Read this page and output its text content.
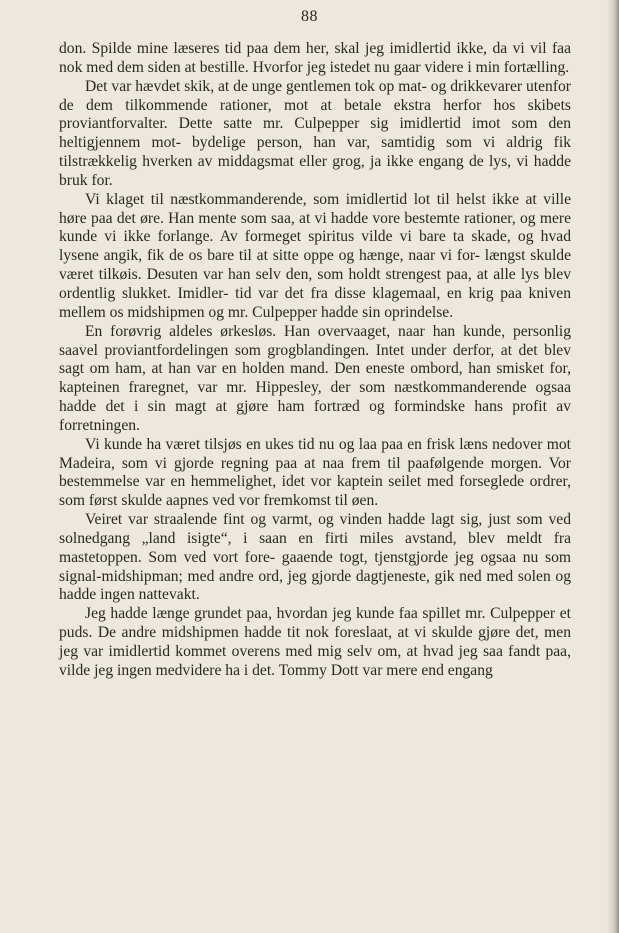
88

don. Spilde mine læseres tid paa dem her, skal jeg imidlertid ikke, da vi vil faa nok med dem siden at bestille. Hvorfor jeg istedet nu gaar videre i min fortælling.

Det var hævdet skik, at de unge gentlemen tok op mat- og drikkevarer utenfor de dem tilkommende rationer, mot at betale ekstra herfor hos skibets proviantforvalter. Dette satte mr. Culpepper sig imidlertid imot som den heltigjennem mot- bydelige person, han var, samtidig som vi aldrig fik tilstrækkelig hverken av middagsmat eller grog, ja ikke engang de lys, vi hadde bruk for.

Vi klaget til næstkommanderende, som imidlertid lot til helst ikke at ville høre paa det øre. Han mente som saa, at vi hadde vore bestemte rationer, og mere kunde vi ikke forlange. Av formeget spiritus vilde vi bare ta skade, og hvad lysene angik, fik de os bare til at sitte oppe og hænge, naar vi for- længst skulde været tilkøis. Desuten var han selv den, som holdt strengest paa, at alle lys blev ordentlig slukket. Imidler- tid var det fra disse klagemaal, en krig paa kniven mellem os midshipmen og mr. Culpepper hadde sin oprindelse.

En forøvrig aldeles ørkesløs. Han overvaaget, naar han kunde, personlig saavel proviantfordelingen som grogblandingen. Intet under derfor, at det blev sagt om ham, at han var en holden mand. Den eneste ombord, han smisket for, kapteinen fraregnet, var mr. Hippesley, der som næstkommanderende ogsaa hadde det i sin magt at gjøre ham fortræd og formindske hans profit av forretningen.

Vi kunde ha været tilsjøs en ukes tid nu og laa paa en frisk læns nedover mot Madeira, som vi gjorde regning paa at naa frem til paafølgende morgen. Vor bestemmelse var en hemmelighet, idet vor kaptein seilet med forseglede ordrer, som først skulde aapnes ved vor fremkomst til øen.

Veiret var straalende fint og varmt, og vinden hadde lagt sig, just som ved solnedgang „land isigte“, i saan en firti miles avstand, blev meldt fra mastetoppen. Som ved vort fore- gaaende togt, tjenstgjorde jeg ogsaa nu som signal-midshipman; med andre ord, jeg gjorde dagtjeneste, gik ned med solen og hadde ingen nattevakt.

Jeg hadde længe grundet paa, hvordan jeg kunde faa spillet mr. Culpepper et puds. De andre midshipmen hadde tit nok foreslaat, at vi skulde gjøre det, men jeg var imidlertid kommet overens med mig selv om, at hvad jeg saa fandt paa, vilde jeg ingen medvidere ha i det. Tommy Dott var mere end engang
